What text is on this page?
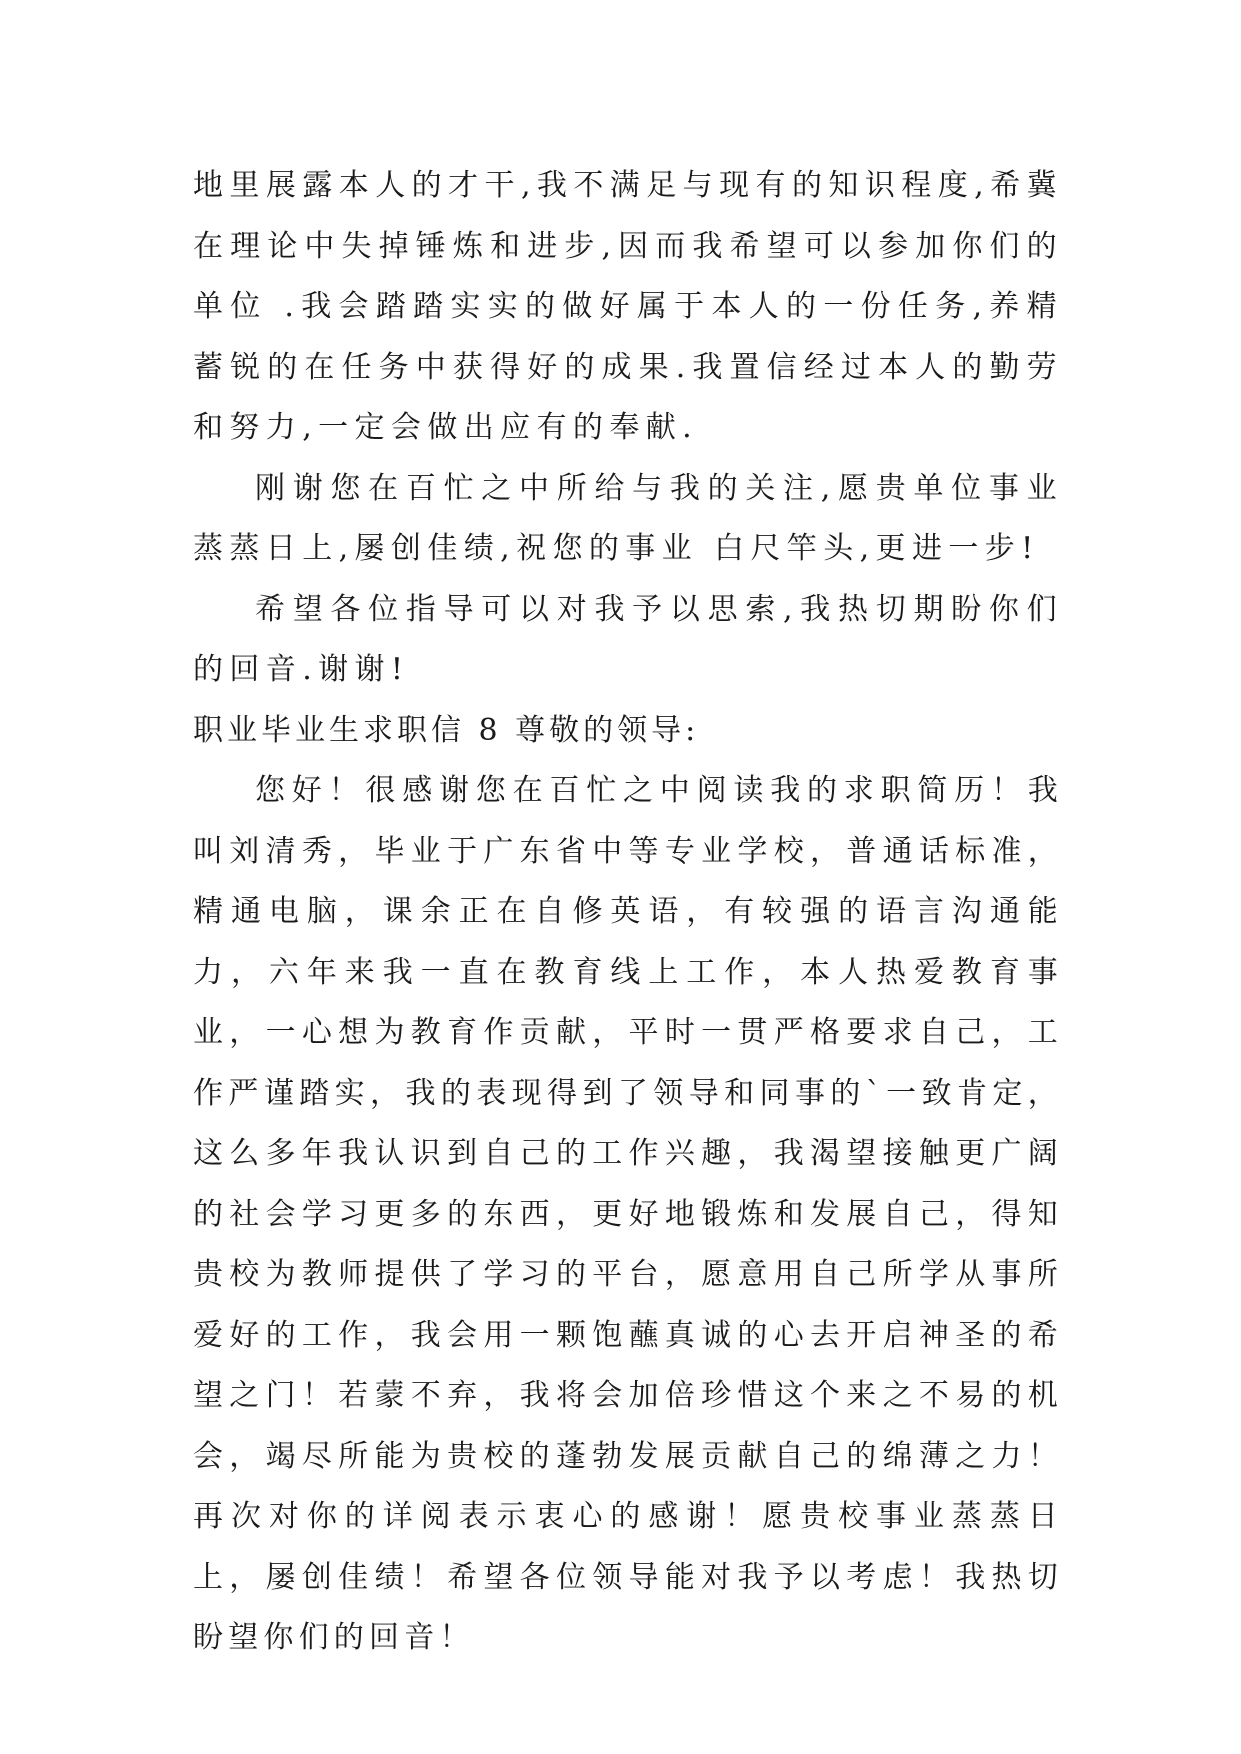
地里展露本人的才干,我不满足与现有的知识程度,希冀在理论中失掉锤炼和进步,因而我希望可以参加你们的单位 .我会踏踏实实的做好属于本人的一份任务,养精蓄锐的在任务中获得好的成果.我置信经过本人的勤劳和努力,一定会做出应有的奉献.

刚谢您在百忙之中所给与我的关注,愿贵单位事业蒸蒸日上,屡创佳绩,祝您的事业 白尺竿头,更进一步!

希望各位指导可以对我予以思索,我热切期盼你们的回音.谢谢!

职业毕业生求职信 8 尊敬的领导:

您好！很感谢您在百忙之中阅读我的求职简历！我叫刘清秀，毕业于广东省中等专业学校，普通话标准，精通电脑，课余正在自修英语，有较强的语言沟通能力，六年来我一直在教育线上工作，本人热爱教育事业，一心想为教育作贡献，平时一贯严格要求自己，工作严谨踏实，我的表现得到了领导和同事的`一致肯定，这么多年我认识到自己的工作兴趣，我渴望接触更广阔的社会学习更多的东西，更好地锻炼和发展自己，得知贵校为教师提供了学习的平台，愿意用自己所学从事所爱好的工作，我会用一颗饱蘸真诚的心去开启神圣的希望之门！若蒙不弃，我将会加倍珍惜这个来之不易的机会，竭尽所能为贵校的蓬勃发展贡献自己的绵薄之力！再次对你的详阅表示衷心的感谢！愿贵校事业蒸蒸日上，屡创佳绩！希望各位领导能对我予以考虑！我热切盼望你们的回音！
